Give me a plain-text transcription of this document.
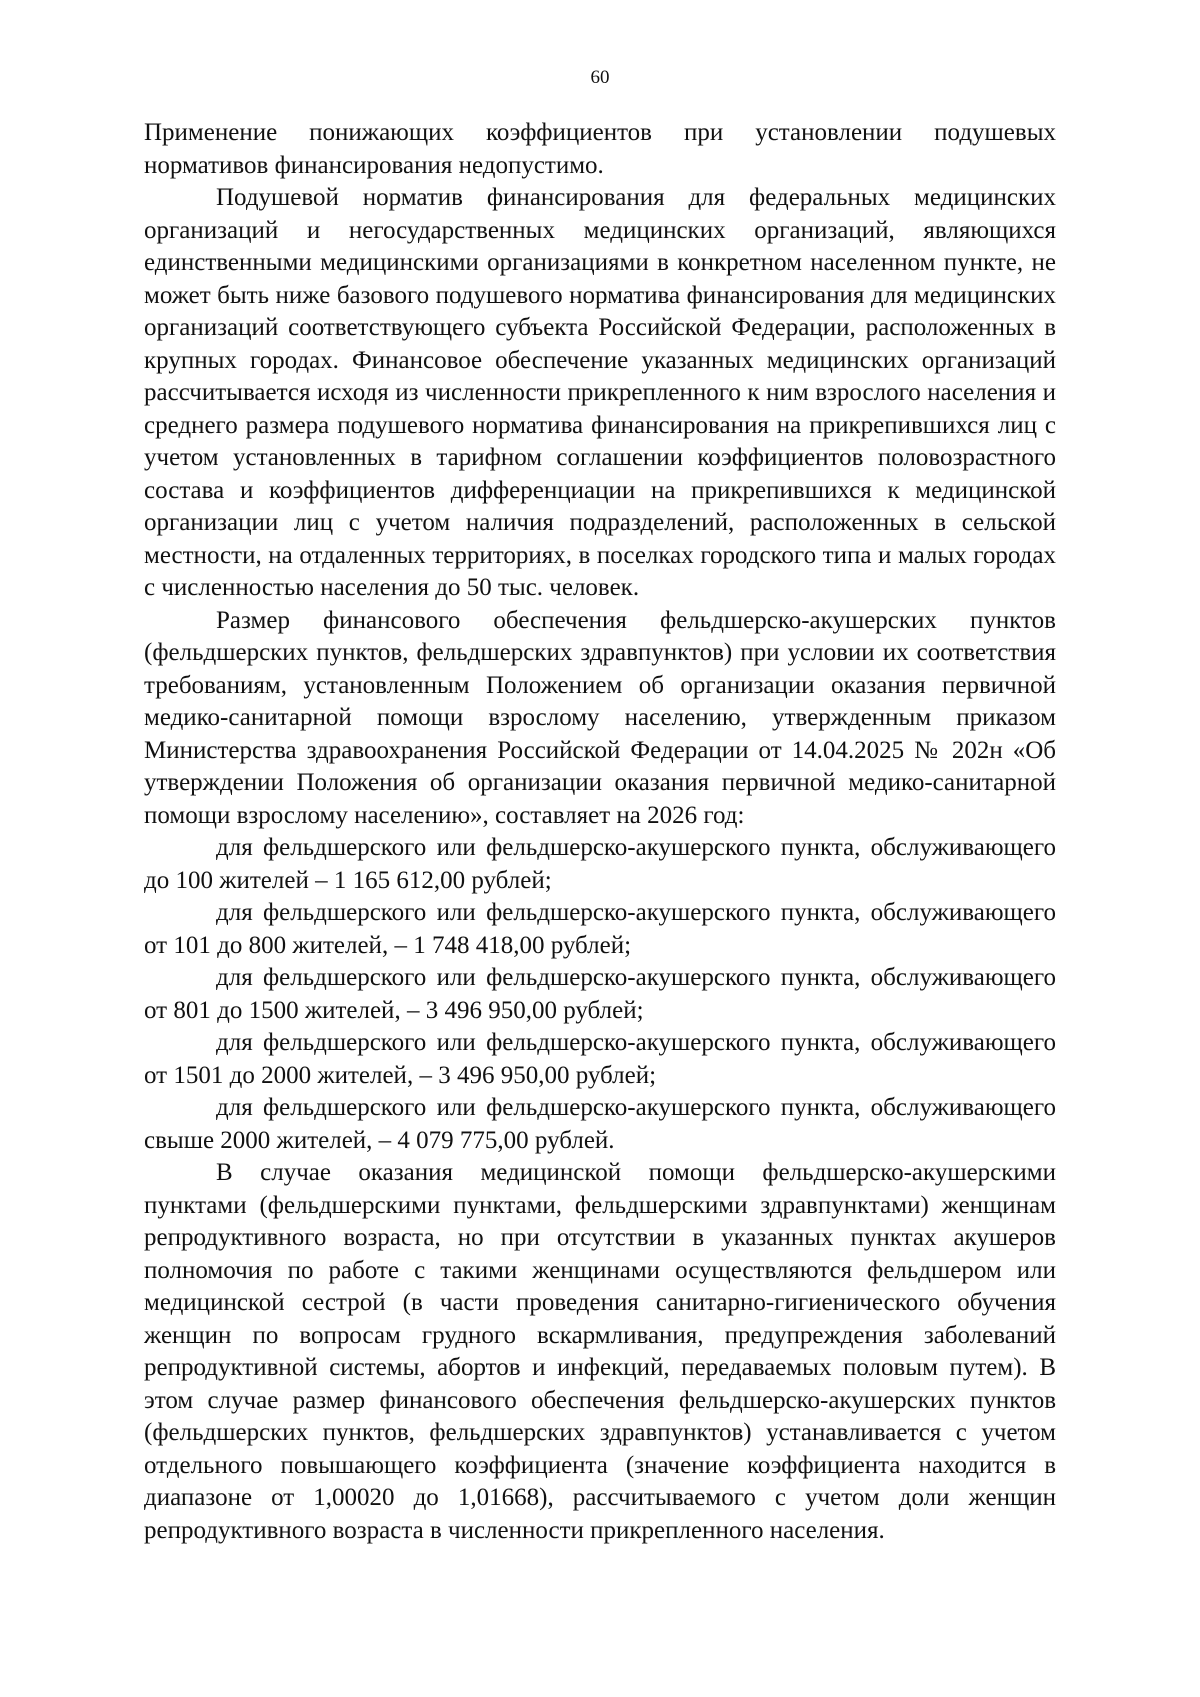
60

Применение понижающих коэффициентов при установлении подушевых нормативов финансирования недопустимо.

Подушевой норматив финансирования для федеральных медицинских организаций и негосударственных медицинских организаций, являющихся единственными медицинскими организациями в конкретном населенном пункте, не может быть ниже базового подушевого норматива финансирования для медицинских организаций соответствующего субъекта Российской Федерации, расположенных в крупных городах. Финансовое обеспечение указанных медицинских организаций рассчитывается исходя из численности прикрепленного к ним взрослого населения и среднего размера подушевого норматива финансирования на прикрепившихся лиц с учетом установленных в тарифном соглашении коэффициентов половозрастного состава и коэффициентов дифференциации на прикрепившихся к медицинской организации лиц с учетом наличия подразделений, расположенных в сельской местности, на отдаленных территориях, в поселках городского типа и малых городах с численностью населения до 50 тыс. человек.

Размер финансового обеспечения фельдшерско-акушерских пунктов (фельдшерских пунктов, фельдшерских здравпунктов) при условии их соответствия требованиям, установленным Положением об организации оказания первичной медико-санитарной помощи взрослому населению, утвержденным приказом Министерства здравоохранения Российской Федерации от 14.04.2025 № 202н «Об утверждении Положения об организации оказания первичной медико-санитарной помощи взрослому населению», составляет на 2026 год:

для фельдшерского или фельдшерско-акушерского пункта, обслуживающего до 100 жителей – 1 165 612,00 рублей;

для фельдшерского или фельдшерско-акушерского пункта, обслуживающего от 101 до 800 жителей, – 1 748 418,00 рублей;

для фельдшерского или фельдшерско-акушерского пункта, обслуживающего от 801 до 1500 жителей, – 3 496 950,00 рублей;

для фельдшерского или фельдшерско-акушерского пункта, обслуживающего от 1501 до 2000 жителей, – 3 496 950,00 рублей;

для фельдшерского или фельдшерско-акушерского пункта, обслуживающего свыше 2000 жителей, – 4 079 775,00 рублей.

В случае оказания медицинской помощи фельдшерско-акушерскими пунктами (фельдшерскими пунктами, фельдшерскими здравпунктами) женщинам репродуктивного возраста, но при отсутствии в указанных пунктах акушеров полномочия по работе с такими женщинами осуществляются фельдшером или медицинской сестрой (в части проведения санитарно-гигиенического обучения женщин по вопросам грудного вскармливания, предупреждения заболеваний репродуктивной системы, абортов и инфекций, передаваемых половым путем). В этом случае размер финансового обеспечения фельдшерско-акушерских пунктов (фельдшерских пунктов, фельдшерских здравпунктов) устанавливается с учетом отдельного повышающего коэффициента (значение коэффициента находится в диапазоне от 1,00020 до 1,01668), рассчитываемого с учетом доли женщин репродуктивного возраста в численности прикрепленного населения.
